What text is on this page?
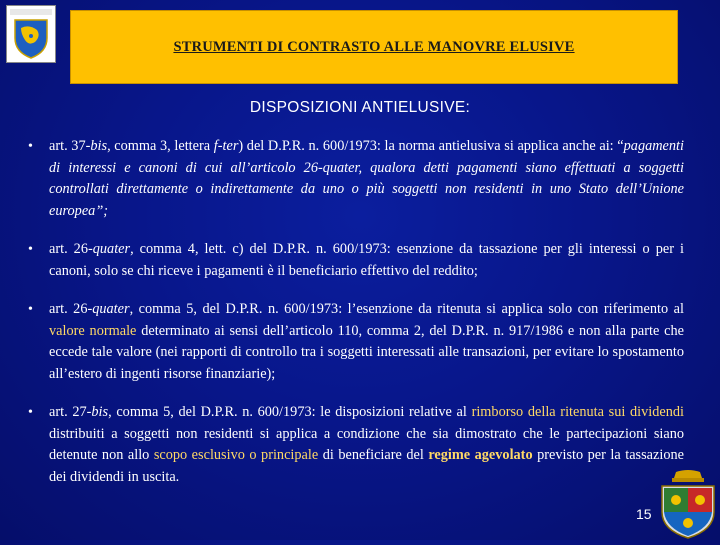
STRUMENTI DI CONTRASTO ALLE MANOVRE ELUSIVE
DISPOSIZIONI ANTIELUSIVE:
• art. 37-bis, comma 3, lettera f-ter) del D.P.R. n. 600/1973: la norma antielusiva si applica anche ai: “pagamenti di interessi e canoni di cui all’articolo 26-quater, qualora detti pagamenti siano effettuati a soggetti controllati direttamente o indirettamente da uno o più soggetti non residenti in uno Stato dell’Unione europea”;
• art. 26-quater, comma 4, lett. c) del D.P.R. n. 600/1973: esenzione da tassazione per gli interessi o per i canoni, solo se chi riceve i pagamenti è il beneficiario effettivo del reddito;
• art. 26-quater, comma 5, del D.P.R. n. 600/1973: l’esenzione da ritenuta si applica solo con riferimento al valore normale determinato ai sensi dell’articolo 110, comma 2, del D.P.R. n. 917/1986 e non alla parte che eccede tale valore (nei rapporti di controllo tra i soggetti interessati alle transazioni, per evitare lo spostamento all’estero di ingenti risorse finanziarie);
• art. 27-bis, comma 5, del D.P.R. n. 600/1973: le disposizioni relative al rimborso della ritenuta sui dividendi distribuiti a soggetti non residenti si applica a condizione che sia dimostrato che le partecipazioni siano detenute non allo scopo esclusivo o principale di beneficiare del regime agevolato previsto per la tassazione dei dividendi in uscita.
15
